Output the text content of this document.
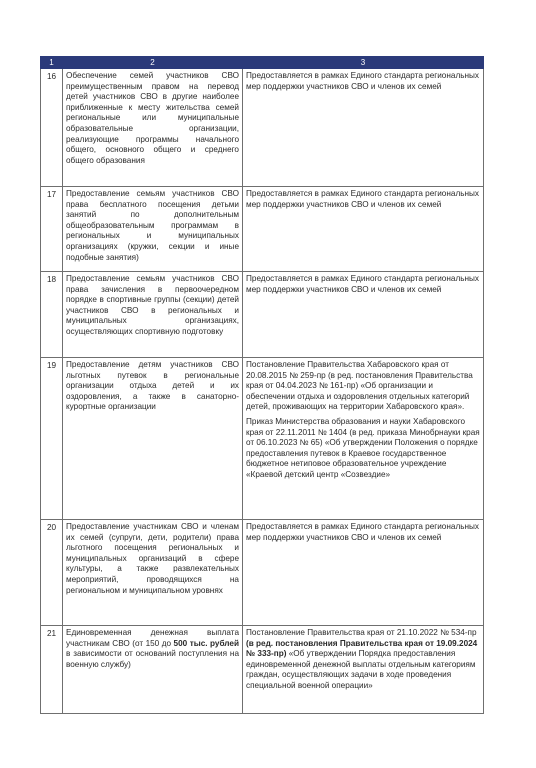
1	2	3
16	Обеспечение семей участников СВО преимущественным правом на перевод детей участников СВО в другие наиболее приближенные к месту жительства семей региональные или муниципальные образовательные организации, реализующие программы начального общего, основного общего и среднего общего образования	Предоставляется в рамках Единого стандарта региональных мер поддержки участников СВО и членов их семей

17	Предоставление семьям участников СВО права бесплатного посещения детьми занятий по дополнительным общеобразовательным программам в региональных и муниципальных организациях (кружки, секции и иные подобные занятия)	Предоставляется в рамках Единого стандарта региональных мер поддержки участников СВО и членов их семей

18	Предоставление семьям участников СВО права зачисления в первоочередном порядке в спортивные группы (секции) детей участников СВО в региональных и муниципальных организациях, осуществляющих спортивную подготовку	Предоставляется в рамках Единого стандарта региональных мер поддержки участников СВО и членов их семей

19	Предоставление детям участников СВО льготных путевок в региональные организации отдыха детей и их оздоровления, а также в санаторно-курортные организации	Постановление Правительства Хабаровского края от 20.08.2015 № 259-пр (в ред. постановления Правительства края от 04.04.2023 № 161-пр) «Об организации и обеспечении отдыха и оздоровления отдельных категорий детей, проживающих на территории Хабаровского края».

Приказ Министерства образования и науки Хабаровского края от 22.11.2011 № 1404 (в ред. приказа Минобрнауки края от 06.10.2023 № 65) «Об утверждении Положения о порядке предоставления путевок в Краевое государственное бюджетное нетиповое образовательное учреждение «Краевой детский центр «Созвездие»

20	Предоставление участникам СВО и членам их семей (супруги, дети, родители) права льготного посещения региональных и муниципальных организаций в сфере культуры, а также развлекательных мероприятий, проводящихся на региональном и муниципальном уровнях	Предоставляется в рамках Единого стандарта региональных мер поддержки участников СВО и членов их семей

21	Единовременная денежная выплата участникам СВО (от 150 до 500 тыс. рублей в зависимости от оснований поступления на военную службу)	Постановление Правительства края от 21.10.2022 № 534-пр (в ред. постановления Правительства края от 19.09.2024 № 333-пр) «Об утверждении Порядка предоставления единовременной денежной выплаты отдельным категориям граждан, осуществляющих задачи в ходе проведения специальной военной операции»
